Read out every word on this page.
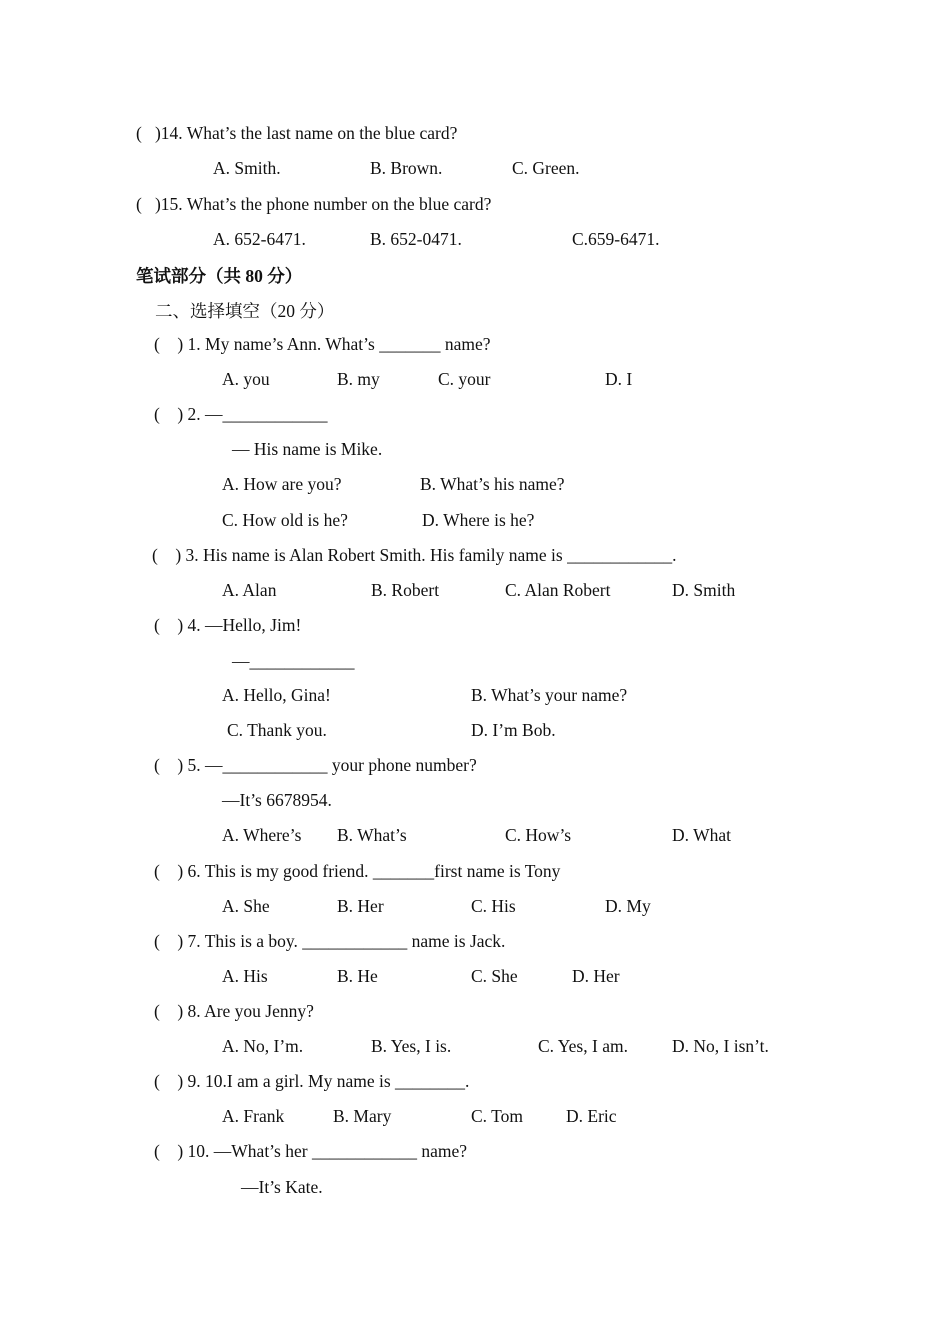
(   )14. What’s the last name on the blue card?
A. Smith.	B. Brown.	C. Green.
(   )15. What’s the phone number on the blue card?
A. 652-6471.	B. 652-0471.	C.659-6471.
笔试部分（共 80 分）
二、选择填空（20 分）
(    ) 1. My name’s Ann. What’s _______ name?
A. you	B. my	C. your	D. I
(    ) 2. —____________
— His name is Mike.
A. How are you?	B. What’s his name?
C. How old is he?	D. Where is he?
(    ) 3. His name is Alan Robert Smith. His family name is ____________.
A. Alan	B. Robert	C. Alan Robert	D. Smith
(    ) 4. —Hello, Jim!
—____________
A. Hello, Gina!	B. What’s your name?
C. Thank you.	D. I’m Bob.
(    ) 5. —____________ your phone number?
—It’s 6678954.
A. Where’s B. What’s	C. How’s	D. What
(    ) 6. This is my good friend. _______first name is Tony
A. She	B. Her	C. His	D. My
(    ) 7. This is a boy. ____________ name is Jack.
A. His	B. He	C. She	D. Her
(    ) 8. Are you Jenny?
A. No, I’m.	B. Yes, I is.	C. Yes, I am.	D. No, I isn’t.
(    ) 9. 10.I am a girl. My name is ________.
A. Frank	B. Mary	C. Tom D. Eric
(    ) 10. —What’s her ____________ name?
—It’s Kate.
